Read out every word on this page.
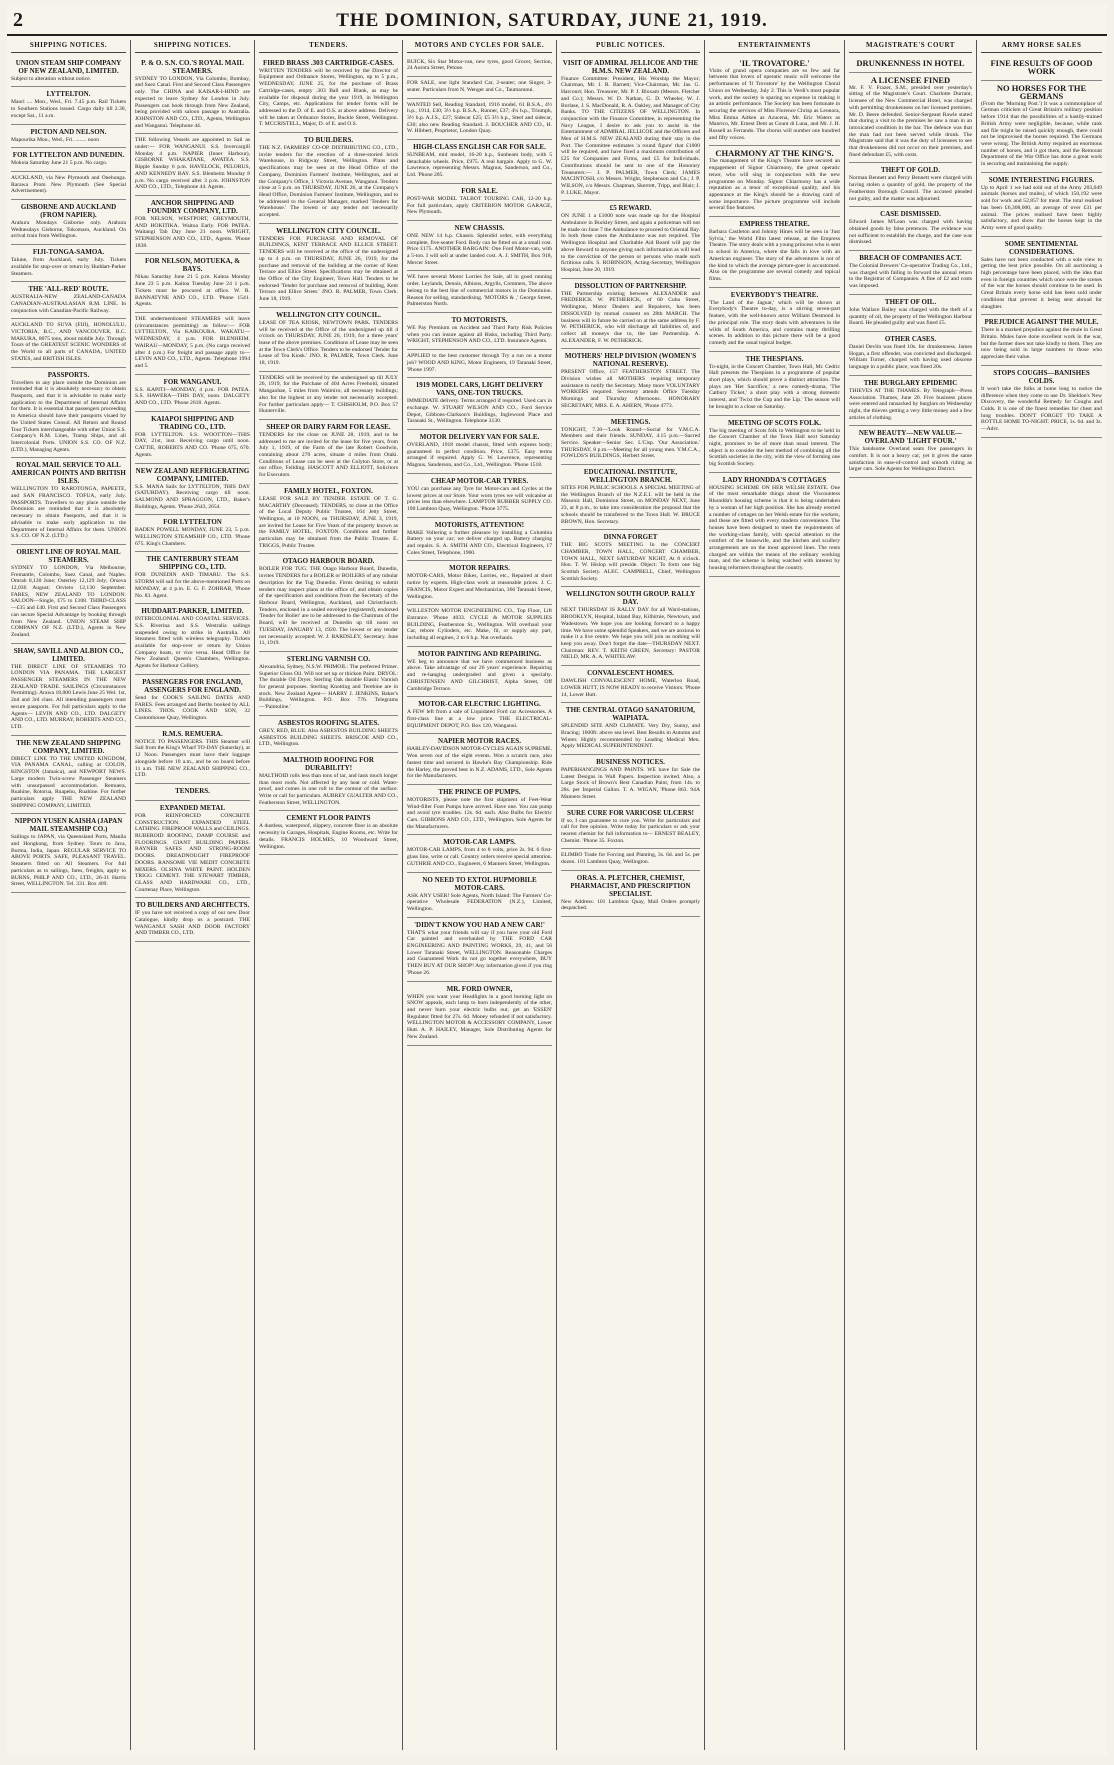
2	THE DOMINION, SATURDAY, JUNE 21, 1919.
SHIPPING NOTICES.
UNION STEAM SHIP COMPANY OF NEW ZEALAND, LIMITED.

Subject to alteration without notice.

LYTTELTON.

Maori .... Mon., Wed., Fri. 7.45 p.m. Rail Tickets to Southern Stations issued. Cargo daily till 2.30, except Sat., 11 a.m.

PICTON AND NELSON.

Mapourika Mon., Wed., Fri. ........ noon

FOR LYTTELTON AND DUNEDIN.

Mokoia Saturday June 21 5 p.m. No cargo.

AUCKLAND, via New Plymouth and Onehunga. Rarawa Prom New Plymouth (See Special Advertisement).

GISBORNE AND AUCKLAND (FROM NAPIER).

Arahura Mondays Gisborne only. Arahura Wednesdays Gisborne, Tokomaru, Auckland. On arrival train from Wellington.

FIJI-TONGA-SAMOA.

Talune, from Auckland, early July. Tickets available for stop-over or return by Huddart-Parker Steamers.

THE 'ALL-RED' ROUTE.

AUSTRALIA-NEW ZEALAND-CANADA CANADIAN-AUSTRALASIAN R.M. LINE. In conjunction with Canadian-Pacific Railway.

AUCKLAND TO SUVA (FIJI), HONOLULU, VICTORIA, B.C., AND VANCOUVER, B.C. MAKURA, 8075 tons, about middle July. Through Tours of the GREATEST SCENIC WONDERS of the World to all parts of CANADA, UNITED STATES, and BRITISH ISLES.

PASSPORTS.

Travellers to any place outside the Dominion are reminded that it is absolutely necessary to obtain Passports, and that it is advisable to make early application to the Department of Internal Affairs for them. It is essential that passengers proceeding to America should have their passports visaed by the United States Consul. All Return and Round Tour Tickets interchangeable with other Union S.S. Company's R.M. Lines, Tramp Ships, and all Intercolonial Ports. UNION S.S. CO. OF N.Z. (LTD.), Managing Agents.

ROYAL MAIL SERVICE TO ALL AMERICAN POINTS AND BRITISH ISLES.

WELLINGTON TO RAROTONGA, PAPEETE, and SAN FRANCISCO. TOFUA, early July. PASSPORTS. Travellers to any place outside the Dominion are reminded that it is absolutely necessary to obtain Passports, and that it is advisable to make early application to the Department of Internal Affairs for them. UNION S.S. CO. OF N.Z. (LTD.)

ORIENT LINE OF ROYAL MAIL STEAMERS.

SYDNEY TO LONDON, Via Melbourne, Fremantle, Colombo, Suez Canal, and Naples. Omrah 8,130 June; Osterley 12,129 July; Orsova 12,036 August; Orvieto 12,130 September. FARES, NEW ZEALAND TO LONDON: SALOON—Single, £75 to £108. THIRD-CLASS—£35 and £40. First and Second Class Passengers can secure Special Advantage by booking through from New Zealand. UNION STEAM SHIP COMPANY OF N.Z. (LTD.), Agents in New Zealand.

SHAW, SAVILL AND ALBION CO., LIMITED.

THE DIRECT LINE OF STEAMERS TO LONDON VIA PANAMA. THE LARGEST PASSENGER STEAMERS IN THE NEW ZEALAND TRADE. SAILINGS (Circumstances Permitting). Arawa 18,000 Lewis June 25 Wel. 1st, 2nd and 3rd class. All intending passengers must secure passports. For full particulars apply to the Agents— LEVIN AND CO., LTD. DALGETY AND CO., LTD. MURRAY, ROBERTS AND CO., LTD.

THE NEW ZEALAND SHIPPING COMPANY, LIMITED.

DIRECT LINE TO THE UNITED KINGDOM, VIA PANAMA CANAL, calling at COLON, KINGSTON (Jamaica), and NEWPORT NEWS. Large modern Twin-screw Passenger Steamers with unsurpassed accommodation. Remuera, Ruahine, Rotorua, Ruapehu, Ruahine. For further particulars apply THE NEW ZEALAND SHIPPING COMPANY, LIMITED.

NIPPON YUSEN KAISHA (JAPAN MAIL STEAMSHIP CO.)

Sailings to JAPAN, via Queensland Ports, Manila and Hongkong, from Sydney. Tours to Java, Burma, India, Japan. REGULAR SERVICE TO ABOVE PORTS. SAFE, PLEASANT TRAVEL. Steamers fitted on All Steamers. For full particulars as to sailings, fares, freights, apply to BURNS, PHILP AND CO., LTD., 26-31 Harris Street, WELLINGTON. Tel. 331. Box 409.

SHIPPING NOTICES.
P. & O. S.N. CO.'S ROYAL MAIL STEAMERS.

SYDNEY TO LONDON, Via Colombo, Bombay, and Suez Canal. First and Second Class Passengers only. The CHINA and KAISAR-I-HIND are expected to leave Sydney for London in July. Passengers can book through from New Zealand, being provided with saloon passage to Australia. JOHNSTON AND CO., LTD., Agents, Wellington and Wanganui. Telephone 44.

THE following Vessels are appointed to Sail as under:— FOR WANGANUI. S.S. Invercargill Monday 4 p.m. NAPIER (Inner Harbour), GISBORNE WHAKATANE, AWATEA. S.S. Ripple Sunday 6 p.m. HAVELOCK, PELORUS, AND KENNEDY BAY. S.S. Blenheim Monday 8 p.m. No cargo received after 3 p.m. JOHNSTON AND CO., LTD., Telephone 44. Agents.

ANCHOR SHIPPING AND FOUNDRY COMPANY, LTD.

FOR NELSON, WESTPORT, GREYMOUTH, AND HOKITIKA. Waitoa Early. FOR PATEA. Waitangi Tab Day June 21 noon. WRIGHT, STEPHENSON AND CO., LTD., Agents. 'Phone 1838.

FOR NELSON, MOTUEKA, & BAYS.

Nikau Saturday June 21 5 p.m. Kaitoa Monday June 23 5 p.m. Kaitoa Tuesday June 24 1 p.m. Tickets must be procured at office. W. R. BANNATYNE AND CO., LTD. 'Phone 1541. Agents.

THE undermentioned STEAMERS will leave (circumstances permitting) as follow:— FOR LYTTELTON, Via KAIKOURA. WAKATU—WEDNESDAY, 4 p.m. FOR BLENHEIM. WAIRAU—MONDAY, 5 p.m. (No cargo received after 4 p.m.) For freight and passage apply to— LEVIN AND CO., LTD., Agents. Telephone 1994 and 5.

FOR WANGANUI.

S.S. KAPITI—MONDAY, 4 p.m. FOR PATEA. S.S. HAWERA—THIS DAY, noon. DALGETY AND CO., LTD. 'Phone 2618. Agents.

KAIAPOI SHIPPING AND TRADING CO., LTD.

FOR LYTTELTON. S.S. WOOTTON—THIS DAY, 21st, inst. Receiving cargo until noon. CATTIE, ROBERTS AND CO. 'Phone 675, 670. Agents.

NEW ZEALAND REFRIGERATING COMPANY, LIMITED.

S.S. MANA Sails for LYTTELTON, THIS DAY (SATURDAY). Receiving cargo till noon. SALMOND AND SPRAGGON, LTD., Baker's Buildings, Agents. 'Phone 2643, 2654.

FOR LYTTELTON

BADEN POWELL MONDAY, JUNE 23, 5 p.m. WELLINGTON STEAMSHIP CO., LTD. 'Phone 675. King's Chambers.

THE CANTERBURY STEAM SHIPPING CO., LTD.

FOR DUNEDIN AND TIMARU. The S.S. STORM will sail for the above-mentioned Ports on MONDAY, at 4 p.m. E. G. F. ZOHRAB, 'Phone No. 83. Agent.

HUDDART-PARKER, LIMITED.

INTERCOLONIAL AND COASTAL SERVICES. S.S. Riverina and S.S. Westralia sailings suspended owing to strike in Australia. All Steamers fitted with wireless telegraphy. Tickets available for stop-over or return by Union Company boats, or vice versa. Head Office for New Zealand: Queen's Chambers, Wellington. Agents for Harbour Colliery.

PASSENGERS FOR ENGLAND, ASSENGERS FOR ENGLAND.

Send for COOK'S SAILING DATES AND FARES. Fees arranged and Berths booked by ALL LINES. THOS. COOK AND SON, 32 Customhouse Quay, Wellington.

R.M.S. REMUERA.

NOTICE TO PASSENGERS. THIS Steamer will Sail from the King's Wharf TO-DAY (Saturday), at 12 Noon. Passengers must have their luggage alongside before 10 a.m., and be on board before 11 a.m. THE NEW ZEALAND SHIPPING CO., LTD.

TENDERS.
EXPANDED METAL

FOR REINFORCED CONCRETE CONSTRUCTION. EXPANDED STEEL LATHING. FIREPROOF WALLS and CEILINGS. RUBEROID ROOFING, DAMP COURSE and FLOORINGS. GIANT BUILDING PAPERS. RAYNER SAFES AND STRONG-ROOM DOORS. DREADNOUGHT FIREPROOF DOORS. RANSOME VIE MEDIT CONCRETE MIXERS. OLSINA WHITE PAINT. HOLDEN TRIGG CEMENT. THE STEWART TIMBER, GLASS AND HARDWARE CO., LTD., Courtenay Place, Wellington.

TO BUILDERS AND ARCHITECTS.

IF you have not received a copy of our new Door Catalogue, kindly drop us a postcard. THE WANGANUI SASH AND DOOR FACTORY AND TIMBER CO., LTD.

TENDERS.
FIRED BRASS .303 CARTRIDGE-CASES.

WRITTEN TENDERS will be received by the Director of Equipment and Ordnance Stores, Wellington, up to 5 p.m., WEDNESDAY, JUNE 25, for the purchase of Brass Cartridge-cases, empty .303 Ball and Blank, as may be available for disposal during the year 1919, in Wellington City, Camps, etc. Applications for tender forms will be addressed to the D. of E. and O.S. at above address. Delivery will be taken at Ordnance Stores, Buckle Street, Wellington. T. MCCRISTELL, Major, D. of E. and O.S.

TO BUILDERS.

THE N.Z. FARMERS' CO-OP. DISTRIBUTING CO., LTD., invite tenders for the erection of a three-storied brick Warehouse, in Ridgway Street, Wellington. Plans and specifications may be seen at the Head Office of the Company, Dominion Farmers' Institute, Wellington, and at the Company's Office, 1 Victoria Avenue, Wanganui. Tenders close at 5 p.m. on THURSDAY, JUNE 26, at the Company's Head Office, Dominion Farmers' Institute, Wellington, and to be addressed to the General Manager, marked 'Tenders for Warehouse.' The lowest or any tender not necessarily accepted.

WELLINGTON CITY COUNCIL.

TENDERS FOR PURCHASE AND REMOVAL OF BUILDINGS, KENT TERRACE AND ELLICE STREET. TENDERS will be received at the office of the undersigned up to 4 p.m. on THURSDAY, JUNE 26, 1919, for the purchase and removal of the building at the corner of Kent Terrace and Ellice Street. Specifications may be obtained at the Office of the City Engineer, Town Hall. Tenders to be endorsed 'Tender for purchase and removal of building, Kent Terrace and Ellice Street.' JNO. R. PALMER, Town Clerk. June 18, 1919.

WELLINGTON CITY COUNCIL.

LEASE OF TEA KIOSK, NEWTOWN PARK. TENDERS will be received at the Office of the undersigned up till 4 o'clock on THURSDAY, JUNE 26, 1919, for a three years' lease of the above premises. Conditions of Lease may be seen at the Town Clerk's Office. Tenders to be endorsed 'Tender for Lease of Tea Kiosk.' JNO. R. PALMER, Town Clerk. June 18, 1919.

TENDERS will be received by the undersigned up till JULY 26, 1919, for the Purchase of 404 Acres Freehold, situated Mangaohae, 5 miles from Waimiro; all necessary buildings; also for the highest or any tender not necessarily accepted. For further particulars apply— T. CHISHOLM, P.O. Box 57 Hunterville.

SHEEP OR DAIRY FARM FOR LEASE.

TENDERS for the close on JUNE 28, 1919, and to be addressed to me are invited for the lease for five years, from July 1, 1919, of the Farm of the late Robert Goodwin, containing about 270 acres, situate 4 miles from Otaki. Conditions of Lease can be seen at the Colyton Store, or at our office, Feilding. HASCOTT AND ELLIOTT, Solicitors for Executors.

FAMILY HOTEL, FOXTON.

LEASE FOR SALE BY TENDER. ESTATE OF T. G. MACARTHY (Deceased). TENDERS, to close at the Office of the Local Deputy Public Trustee, 164 Jetty Street, Wellington, at 10 NOON, on THURSDAY, JUNE 3, 1919, are invited for Lease for Five Years of the property known as the FAMILY HOTEL, FOXTON. Conditions and further particulars may be obtained from the Public Trustee. E. TRIGGS, Public Trustee.

OTAGO HARBOUR BOARD.

BOILER FOR TUG. THE Otago Harbour Board, Dunedin, invites TENDERS for a BOILER or BOILERS of any tubular description for the Tug Dunedin. Firms desiring to submit tenders may inspect plans at the office of, and obtain copies of the specification and conditions from the Secretary of the Harbour Board, Wellington, Auckland, and Christchurch. Tenders, enclosed in a sealed envelope (registered), endorsed 'Tender for Boiler' are to be addressed to the Chairman of the Board, will be received at Dunedin up till noon on TUESDAY, JANUARY 13, 1920. The lowest or any tender not necessarily accepted. W. J. BARDSLEY, Secretary. June 11, 1919.

STERLING VARNISH CO.

Alexandria, Sydney, N.S.W. PRIMOIL: The preferred Primer. Superior Gloss Oil. Will not set up or thicken Paint. DRYOL: The durable Oil Dryer. Sterling Oak durable Elastic Varnish for general purposes. Sterling Knotting and Terebine are in stock. New Zealand Agent— HARRY J. JENKINS, Baker's Buildings, Wellington. P.O. Box 776. Telegrams—'Paintoline.'

ASBESTOS ROOFING SLATES.

GREY, RED, BLUE. Also ASBESTOS BUILDING SHEETS ASBESTOS BUILDING SHEETS. BRISCOE AND CO., LTD., Wellington.

MALTHOID ROOFING FOR DURABILITY!

MALTHOID rolls less than tons of tar, and lasts much longer than most roofs. Not affected by any heat or cold. Water-proof, and comes in one roll to the contour of the surface. Write or call for particulars. AUBREY GUALTER AND CO., Featherston Street, WELLINGTON.

CEMENT FLOOR PAINTS

A dustless, waterproof, slippery, concrete floor is an absolute necessity in Garages, Hospitals, Engine Rooms, etc. Write for details. FRANCIS HOLMES, 10 Woodward Street, Wellington.

MOTORS AND CYCLES FOR SALE.

BUICK, Six Star Motor-van, new tyres, good Grocer, Section, 24 Aurora Street, Petone.

FOR SALE, one light Standard Car, 2-seater; one Singer, 3-seater. Particulars from N. Wenger and Co., Taumarunui.

WANTED Sell, Reading Standard, 1916 model, 61 B.S.A., 4½ h.p., 1914, £30; 3½ h.p. B.S.A., Runner, £37; 4¼ h.p., Triumph, 3½ h.p. A.J.S., £27; Sidecar £25; £5 3½ h.p., Steel and sidecar, £30; also new Reading Standard. J. BOUCHER AND CO., H. W. Hibbert, Proprietor, London Quay.

HIGH-CLASS ENGLISH CAR FOR SALE.

SUNBEAM, mid model, 16-20 h.p., Sunbeam body, with 5 detachable wheels. Price, £975. A real bargain. Apply to G. W. Lawrence, representing Messrs. Magnus, Sanderson, and Co., Ltd. 'Phone 205.

FOR SALE.

POST-WAR MODEL TALBOT TOURING CAR, 12-20 h.p. For full particulars, apply CRITERION MOTOR GARAGE, New Plymouth.

NEW CHASSIS.

ONE NEW 14 h.p. Chassis. Splendid order, with everything complete, five-seater Ford. Body can be fitted on at a small cost. Price £175. ANOTHER BARGAIN: One Ford Motor-van, with a 5-ton. I will sell at under landed cost. A. J. SMITH, Box 918, Mercer Street.

WE have several Motor Lorries for Sale, all in good running order. Leylands, Dennis, Albions, Argylls, Commers, The above belong to the best line of commercial motors in the Dominion. Reason for selling, standardising. 'MOTORS & ,' George Street, Palmerston North.

TO MOTORISTS.

WE Pay Premium on Accident and Third Party Risk Policies when you can insure against all Risks, including Third Party. WRIGHT, STEPHENSON AND CO., LTD. Insurance Agents.

APPLIED to the best customer through Try a run on a motor job? WOOD AND KING, Motor Engineers, 19 Taranaki Street, 'Phone 1997.

1919 MODEL CARS, LIGHT DELIVERY VANS, ONE-TON TRUCKS.

IMMEDIATE delivery. Terms arranged if required. Used cars in exchange. W. STUART WILSON AND CO., Ford Service Depot, Gibbons-Clarkson's Buildings, Inglewood Place and Taranaki St., Wellington. Telephone 3130.

MOTOR DELIVERY VAN FOR SALE.

OVERLAND, 1918 model chassis, fitted with express body; guaranteed in perfect condition. Price, £375. Easy terms arranged if required. Apply G. W. Lawrence, representing Magnus, Sanderson, and Co., Ltd., Wellington. 'Phone 1518.

CHEAP MOTOR-CAR TYRES.

YOU can purchase any Tyre for Motor-cars and Cycles at the lowest prices at our Store. Your worn tyres we will vulcanise at prices less than elsewhere. LAMPTON RUBBER SUPPLY CO. 190 Lambton Quay, Wellington. 'Phone 3775.

MOTORISTS, ATTENTION!

MAKE Voltering a further pleasure by installing a Columbia Battery on your car; we deliver charged up. Battery charging and repairs. S. A. SMITH AND CO., Electrical Engineers, 17 Coles Street, Telephone, 1960.

MOTOR REPAIRS.

MOTOR-CARS, Motor Bikes, Lorries, etc., Repaired at short notice by experts. High-class work at reasonable prices. J. C. FRANCIS, Motor Expert and Mechanician, 366 Taranaki Street, Wellington.

WILLESTON MOTOR ENGINEERING CO., Top Floor, Lift Entrance. 'Phone 4033. CYCLE & MOTOR SUPPLIES BUILDING, Featherston St., Wellington. Will overhaul your Car, rebore Cylinders, etc. Make, fit, or supply any part, including all engines, 2 to 6 h.p. Nut overhauls.

MOTOR PAINTING AND REPAIRING.

WE beg to announce that we have commenced business as above. Take advantage of our 26 years' experience. Repairing and re-hanging undergraded and given a specialty. CHRISTENSEN AND GILCHRIST, Alpha Street, Off Cambridge Terrace.

MOTOR-CAR ELECTRIC LIGHTING.

A FEW left from a sale of Liquidated Ford car Accessories. A first-class line at a low price. THE ELECTRICAL-EQUIPMENT DEPOT, P.O. Box 120, Wanganui.

NAPIER MOTOR RACES.

HARLEY-DAVIDSON MOTOR-CYCLES AGAIN SUPREME. Won seven out of the eight events. Won a scratch race, also fastest time and secured in Hawke's Bay Championship. Ride the Harley, the proved best in N.Z. ADAMS, LTD., Sole Agents for the Manufacturers.

THE PRINCE OF PUMPS.

MOTORISTS, please note the first shipment of Feet-Wear Wind-filler Foot Pumps have arrived. Have one. You can pump and avoid tyre troubles. 12s. 6d. each. Also Bulbs for Electric Cars. GIBBONS AND CO., LTD., Wellington, Sole Agents for the Manufacturers.

MOTOR-CAR LAMPS.

MOTOR-CAR LAMPS, from 4 to 8 volts, price 2s. 9d. 6 first-glass line, write or call. Country orders receive special attention. GUTHRIE AND CO., Engineers, 6 Manners Street, Wellington.

NO NEED TO EXTOL HUPMOBILE MOTOR-CARS.

ASK ANY USER! Sole Agents, North Island: The Farmers' Co-operative Wholesale FEDERATION (N.Z.), Limited, Wellington.

'DIDN'T KNOW YOU HAD A NEW CAR!'

THAT'S what your friends will say if you have your old Ford Car painted and overhauled by THE FORD CAR ENGINEERING AND PAINTING WORKS, 29, 41, and 56 Lower Taranaki Street, WELLINGTON. Reasonable Charges and Guaranteed Work do not go together everywhere, BUY THEN BUY AT OUR SHOP! Any information given if you ring 'Phone 26.

MR. FORD OWNER,

WHEN you want your Headlights in a good burning light on SNOW appeals, each lamp to burn independently of the other, and never burn your electric bulbs out, get an 'ESSEN' Regulator fitted for 27s. 6d. Money refunded if not satisfactory. WELLINGTON MOTOR & ACCESSORY COMPANY, Lower Hutt. A. P. HAILEY, Manager, Sole Distributing Agents for New Zealand.

PUBLIC NOTICES.
VISIT OF ADMIRAL JELLICOE AND THE H.M.S. NEW ZEALAND.

Finance Committee: President, His Worship the Mayor; Chairman, Mr. J. R. Barnett; Vice-Chairman, Mr. Jas. G. Harcourt; Hon. Treasurer, Mr. P. J. Bloxam (Messrs. Fletcher and Co.); Messrs. W. D. Nathan, G. D. Wheeler, W. J. Borlase, J. S. MacDonald, R. A. Oakley, and Manager of City Banks. TO THE CITIZENS OF WELLINGTON. In conjunction with the Finance Committee, in representing the Navy League, I desire to ask you to assist in the Entertainment of ADMIRAL JELLICOE and the Officers and Men of H.M.S. NEW ZEALAND during their stay in the Port. The Committee estimates 'a round figure' that £1000 will be required, and have fixed a maximum contribution of £25 for Companies and Firms, and £5 for Individuals. Contributions should be sent to one of the Honorary Treasurers:— J. P. PALMER, Town Clerk; JAMES MACINTOSH, c/o Messrs. Wright, Stephenson and Co.; J. P. WILSON, c/o Messrs. Chapman, Skerrett, Tripp, and Blair; J. P. LUKE, Mayor.

£5 REWARD.

ON JUNE 1 a £1000 note was made up for the Hospital Ambulance in Buckley Street, and again a policeman will not be made on June 7 the Ambulance to proceed to Oriental Bay. In both these cases the Ambulance was not required. The Wellington Hospital and Charitable Aid Board will pay the above Reward to anyone giving such information as will lead to the conviction of the person or persons who made such fictitious calls. S. ROBINSON, Acting-Secretary, Wellington Hospital, June 20, 1919.

DISSOLUTION OF PARTNERSHIP.

THE Partnership existing between ALEXANDER and FREDERICK W. PETHERICK, of 60 Cuba Street, Wellington, Motor Dealers and Repairers, has been DISSOLVED by mutual consent on 28th MARCH. The business will in future be carried on at the same address by F. W. PETHERICK, who will discharge all liabilities of, and collect all moneys due to, the late Partnership. A. ALEXANDER, F. W. PETHERICK.

MOTHERS' HELP DIVISION (WOMEN'S NATIONAL RESERVE).

PRESENT Office, 157 FEATHERSTON STREET. The Division wishes all MOTHERS requiring temporary assistance to notify the Secretary. Many more VOLUNTARY WORKERS required. Secretary attends Office Tuesday Mornings and Thursday Afternoons. HONORARY SECRETARY, MRS. E. A. AHERN, 'Phone 4773.

MEETINGS.

TONIGHT, 7.30—'Look Round—Social for Y.M.C.A. Members and their friends. SUNDAY, 4.15 p.m.—Sacred Service. Speaker—Senior Sec. L'Cisp. 'Our Association.' THURSDAY, 8 p.m.—Meeting for all young men. Y.M.C.A., FOWLDS'S BUILDINGS, Herbert Street.

EDUCATIONAL INSTITUTE, WELLINGTON BRANCH.

SITES FOR PUBLIC SCHOOLS. A SPECIAL MEETING of the Wellington Branch of the N.Z.E.I. will be held in the Masonic Hall, Dominion Street, on MONDAY NEXT, June 23, at 8 p.m., to take into consideration the proposal that the schools should be transferred to the Town Hall. W. BRUCE BROWN, Hon. Secretary.

DINNA FORGET

THE BIG SCOTS MEETING In the CONCERT CHAMBER, TOWN HALL, CONCERT CHAMBER, TOWN HALL, NEXT SATURDAY NIGHT, At 8 o'clock. Hon. T. W. Hislop will preside. Object: To form one big Scottish Society. ALEC. CAMPBELL, Chief, Wellington Scottish Society.

WELLINGTON SOUTH GROUP. RALLY DAY.

NEXT THURSDAY IS RALLY DAY for all Ward-stations, BROOKLYN, Hospital, Island Bay, Kilbirnie, Newtown, and Wadestown. We hope you are looking forward to a happy time. We have some splendid Speakers, and we are anxious to make it a live centre. We hope you will join us nothing will keep you away. Don't forget the date—THURSDAY NEXT. Chairman: REV. T. KEITH GREEN, Secretary: PASTOR NIELD, MR. A. A. WHITELAW.

CONVALESCENT HOMES.

DAWLISH CONVALESCENT HOME, Waterloo Road, LOWER HUTT, IS NOW READY to receive Visitors. 'Phone 14, Lower Hutt.

THE CENTRAL OTAGO SANATORIUM, WAIPIATA.

SPLENDID SITE AND CLIMATE. Very Dry, Sunny, and Bracing; 1600ft. above sea level. Best Results in Autumn and Winter. Highly recommended by Leading Medical Men. Apply MEDICAL SUPERINTENDENT.

BUSINESS NOTICES.

PAPERHANGINGS AND PAINTS. WE have for Sale the Latest Designs in Wall Papers. Inspection invited. Also, a Large Stock of Brown's Best Canadian Paint, from 14s. to 28s. per Imperial Gallon. T. A. WIGAN, 'Phone 863. 94A Manners Street.

SURE CURE FOR VARICOSE ULCERS!

If so, I can guarantee to cure you. Write for particulars and call for free opinion. Write today for particulars or ask your nearest chemist for full information to— ERNEST BEALEY, Chemist. 'Phone 35. Foxton.

ELIMBO Trade for Forcing and Planting, 3s. 6d. and 5s. per dozen. 101 Lambton Quay, Wellington.

ORAS. A. PLETCHER, CHEMIST, PHARMACIST, AND PRESCRIPTION SPECIALIST.

New Address: 101 Lambton Quay, Mail Orders promptly despatched.

ENTERTAINMENTS
'IL TROVATORE.'

Visits of grand opera companies are so few and far between that lovers of operatic music will welcome the performances of 'Il Trovatore' by the Wellington Choral Union on Wednesday, July 2. This is Verdi's most popular work, and the society is sparing no expense in making it an artistic performance. The Society has been fortunate in securing the services of Miss Florence Chrisp as Leonora, Miss Emma Aitken as Azucena, Mr. Eric Waters as Manrico, Mr. Ernest Dent as Count di Luna, and Mr. J. H. Russell as Ferrando. The chorus will number one hundred and fifty voices.

CHARMONY AT THE KING'S.

The management of the King's Theatre have secured an engagement of Signor Chiarmony, the great operatic tenor, who will sing in conjunction with the new programme on Monday. Signor Chiarmony has a wide reputation as a tenor of exceptional quality, and his appearance at the King's should be a drawing card of some importance. The picture programme will include several fine features.

EMPRESS THEATRE.

Barbara Castleton and Johnny Hines will be seen in 'Just Sylvia,' the World Film latest release, at the Empress Theatre. The story deals with a young princess who is sent to school in America, where she falls in love with an American engineer. The story of the adventures is not of the kind to which the average picture-goer is accustomed. Also on the programme are several comedy and topical films.

EVERYBODY'S THEATRE.

'The Land of the Jaguar,' which will be shown at Everybody's Theatre to-day, is a stirring seven-part feature, with the well-known actor William Desmond in the principal role. The story deals with adventures in the wilds of South America, and contains many thrilling scenes. In addition to this picture there will be a good comedy and the usual topical budget.

THE THESPIANS.

To-night, in the Concert Chamber, Town Hall, Mr. Cedric Hall presents the Thespians in a programme of popular short plays, which should prove a distinct attraction. The plays are 'Her Sacrifice,' a new comedy-drama, 'The Catbury Ticket,' a short play with a strong domestic interest, and 'Twixt the Cup and the Lip.' The season will be brought to a close on Saturday.

MEETING OF SCOTS FOLK.

The big meeting of Scots folk in Wellington to be held in the Concert Chamber of the Town Hall next Saturday night, promises to be of more than usual interest. The object is to consider the best method of combining all the Scottish societies in the city, with the view of forming one big Scottish Society.

LADY RHONDDA'S COTTAGES

HOUSING SCHEME ON HER WELSH ESTATE. One of the most remarkable things about the Viscountess Rhondda's housing scheme is that it is being undertaken by a woman of her high position. She has already erected a number of cottages on her Welsh estate for the workers, and these are fitted with every modern convenience. The houses have been designed to meet the requirements of the working-class family, with special attention to the comfort of the housewife, and the kitchen and scullery arrangements are on the most approved lines. The rents charged are within the means of the ordinary working man, and the scheme is being watched with interest by housing reformers throughout the country.

MAGISTRATE'S COURT
DRUNKENNESS IN HOTEL
A LICENSEE FINED

Mr. F. V. Frazer, S.M., presided over yesterday's sitting of the Magistrate's Court. Charlotte Durrant, licensee of the New Commercial Hotel, was charged with permitting drunkenness on her licensed premises. Mr. D. Beere defended. Senior-Sergeant Rawle stated that during a visit to the premises he saw a man in an intoxicated condition in the bar. The defence was that the man had not been served while drunk. The Magistrate said that it was the duty of licensees to see that drunkenness did not occur on their premises, and fined defendant £5, with costs.

THEFT OF GOLD.

Norman Bennett and Percy Bennett were charged with having stolen a quantity of gold, the property of the Featherston Borough Council. The accused pleaded not guilty, and the matter was adjourned.

CASE DISMISSED.

Edward James M'Lean was charged with having obtained goods by false pretences. The evidence was not sufficient to establish the charge, and the case was dismissed.

BREACH OF COMPANIES ACT.

The Colonial Brewers' Co-operative Trading Co., Ltd., was charged with failing to forward the annual return to the Registrar of Companies. A fine of £2 and costs was imposed.

THEFT OF OIL.

John Wallace Bailey was charged with the theft of a quantity of oil, the property of the Wellington Harbour Board. He pleaded guilty and was fined £5.

OTHER CASES.

Daniel Devlin was fined 10s. for drunkenness. James Hogan, a first offender, was convicted and discharged. William Turner, charged with having used obscene language in a public place, was fined 20s.

THE BURGLARY EPIDEMIC

THIEVES AT THE THAMES. By Telegraph—Press Association. Thames, June 20. Five business places were entered and ransacked by burglars on Wednesday night, the thieves getting a very little money and a few articles of clothing.

NEW BEAUTY—NEW VALUE—OVERLAND 'LIGHT FOUR.'

This handsome Overland seats five passengers in comfort. It is not a heavy car, yet it gives the same satisfaction in ease-of-control and smooth riding as larger cars. Sole Agents for Wellington District.

ARMY HORSE SALES
FINE RESULTS OF GOOD WORK
NO HORSES FOR THE GERMANS

(From the 'Morning Post.') It was a commonplace of German criticism of Great Britain's military position before 1914 that the possibilities of a hastily-trained British Army were negligible, because, while rank and file might be raised quickly enough, there could not be improvised the horses required. The Germans were wrong. The British Army required an enormous number of horses, and it got them, and the Remount Department of the War Office has done a great work in securing and maintaining the supply.

SOME INTERESTING FIGURES.

Up to April 1 we had sold out of the Army 203,049 animals (horses and mules), of which 150,192 were sold for work and 52,857 for meat. The total realised has been £6,308,000, an average of over £31 per animal. The prices realised have been highly satisfactory, and show that the horses kept in the Army were of good quality.

SOME SENTIMENTAL CONSIDERATIONS.

Sales have not been conducted with a sole view to getting the best price possible. On all auctioning a high percentage have been placed, with the idea that even in foreign countries which once were the scenes of the war the horses should continue to be used. In Great Britain every horse sold has been sold under conditions that prevent it being sent abroad for slaughter.

PREJUDICE AGAINST THE MULE.

There is a marked prejudice against the mule in Great Britain. Mules have done excellent work in the war, but the farmer does not take kindly to them. They are now being sold in large numbers to those who appreciate their value.

STOPS COUGHS—BANISHES COLDS.

It won't take the folks at home long to notice the difference when they come to use Dr. Sheldon's New Discovery, the wonderful Remedy for Coughs and Colds. It is one of the finest remedies for chest and lung troubles. DON'T FORGET TO TAKE A BOTTLE HOME TO-NIGHT. PRICE, 1s. 6d. and 3s.—Advt.
